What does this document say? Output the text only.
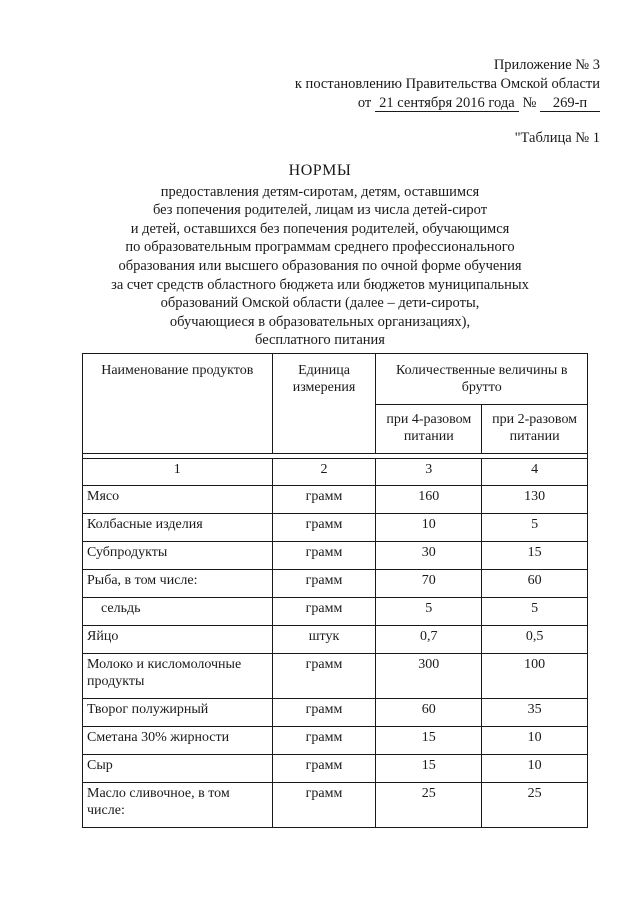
Приложение № 3
к постановлению Правительства Омской области
от 21 сентября 2016 года № 269-п
"Таблица № 1
НОРМЫ
предоставления детям-сиротам, детям, оставшимся
без попечения родителей, лицам из числа детей-сирот
и детей, оставшихся без попечения родителей, обучающимся
по образовательным программам среднего профессионального
образования или высшего образования по очной форме обучения
за счет средств областного бюджета или бюджетов муниципальных
образований Омской области (далее – дети-сироты,
обучающиеся в образовательных организациях),
бесплатного питания
Наименование продуктов	Единица измерения	Количественные величины в брутто	
		при 4-разовом питании	при 2-разовом питании

1	2	3	4
Мясо	грамм	160	130
Колбасные изделия	грамм	10	5
Субпродукты	грамм	30	15
Рыба, в том числе:	грамм	70	60
сельдь	грамм	5	5
Яйцо	штук	0,7	0,5
Молоко и кисломолочные продукты	грамм	300	100
Творог полужирный	грамм	60	35
Сметана 30% жирности	грамм	15	10
Сыр	грамм	15	10
Масло сливочное, в том числе:	грамм	25	25
